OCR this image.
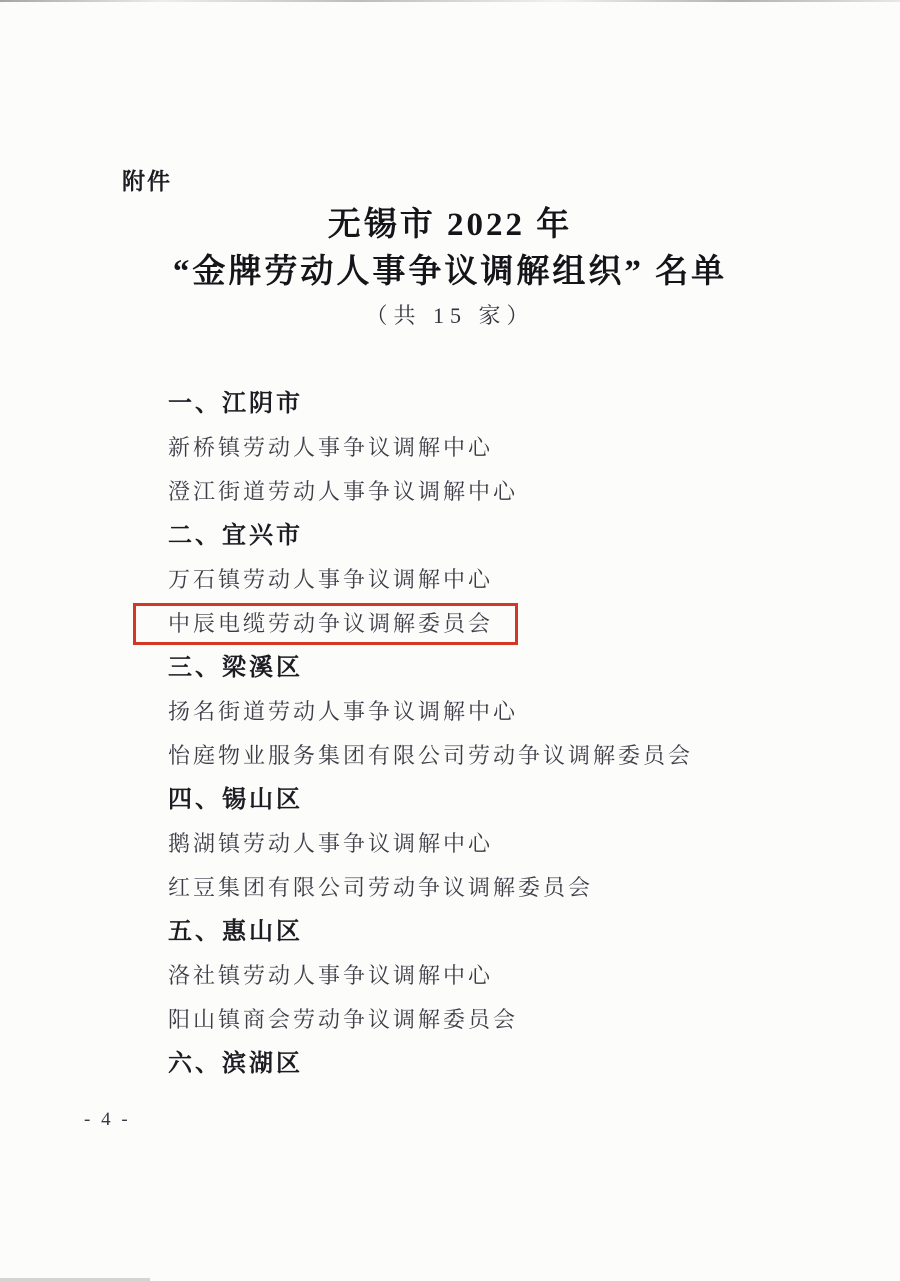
附件
无锡市 2022 年
“金牌劳动人事争议调解组织” 名单
（共 15 家）
一、江阴市
新桥镇劳动人事争议调解中心
澄江街道劳动人事争议调解中心
二、宜兴市
万石镇劳动人事争议调解中心
中辰电缆劳动争议调解委员会
三、梁溪区
扬名街道劳动人事争议调解中心
怡庭物业服务集团有限公司劳动争议调解委员会
四、锡山区
鹅湖镇劳动人事争议调解中心
红豆集团有限公司劳动争议调解委员会
五、惠山区
洛社镇劳动人事争议调解中心
阳山镇商会劳动争议调解委员会
六、滨湖区
- 4 -
